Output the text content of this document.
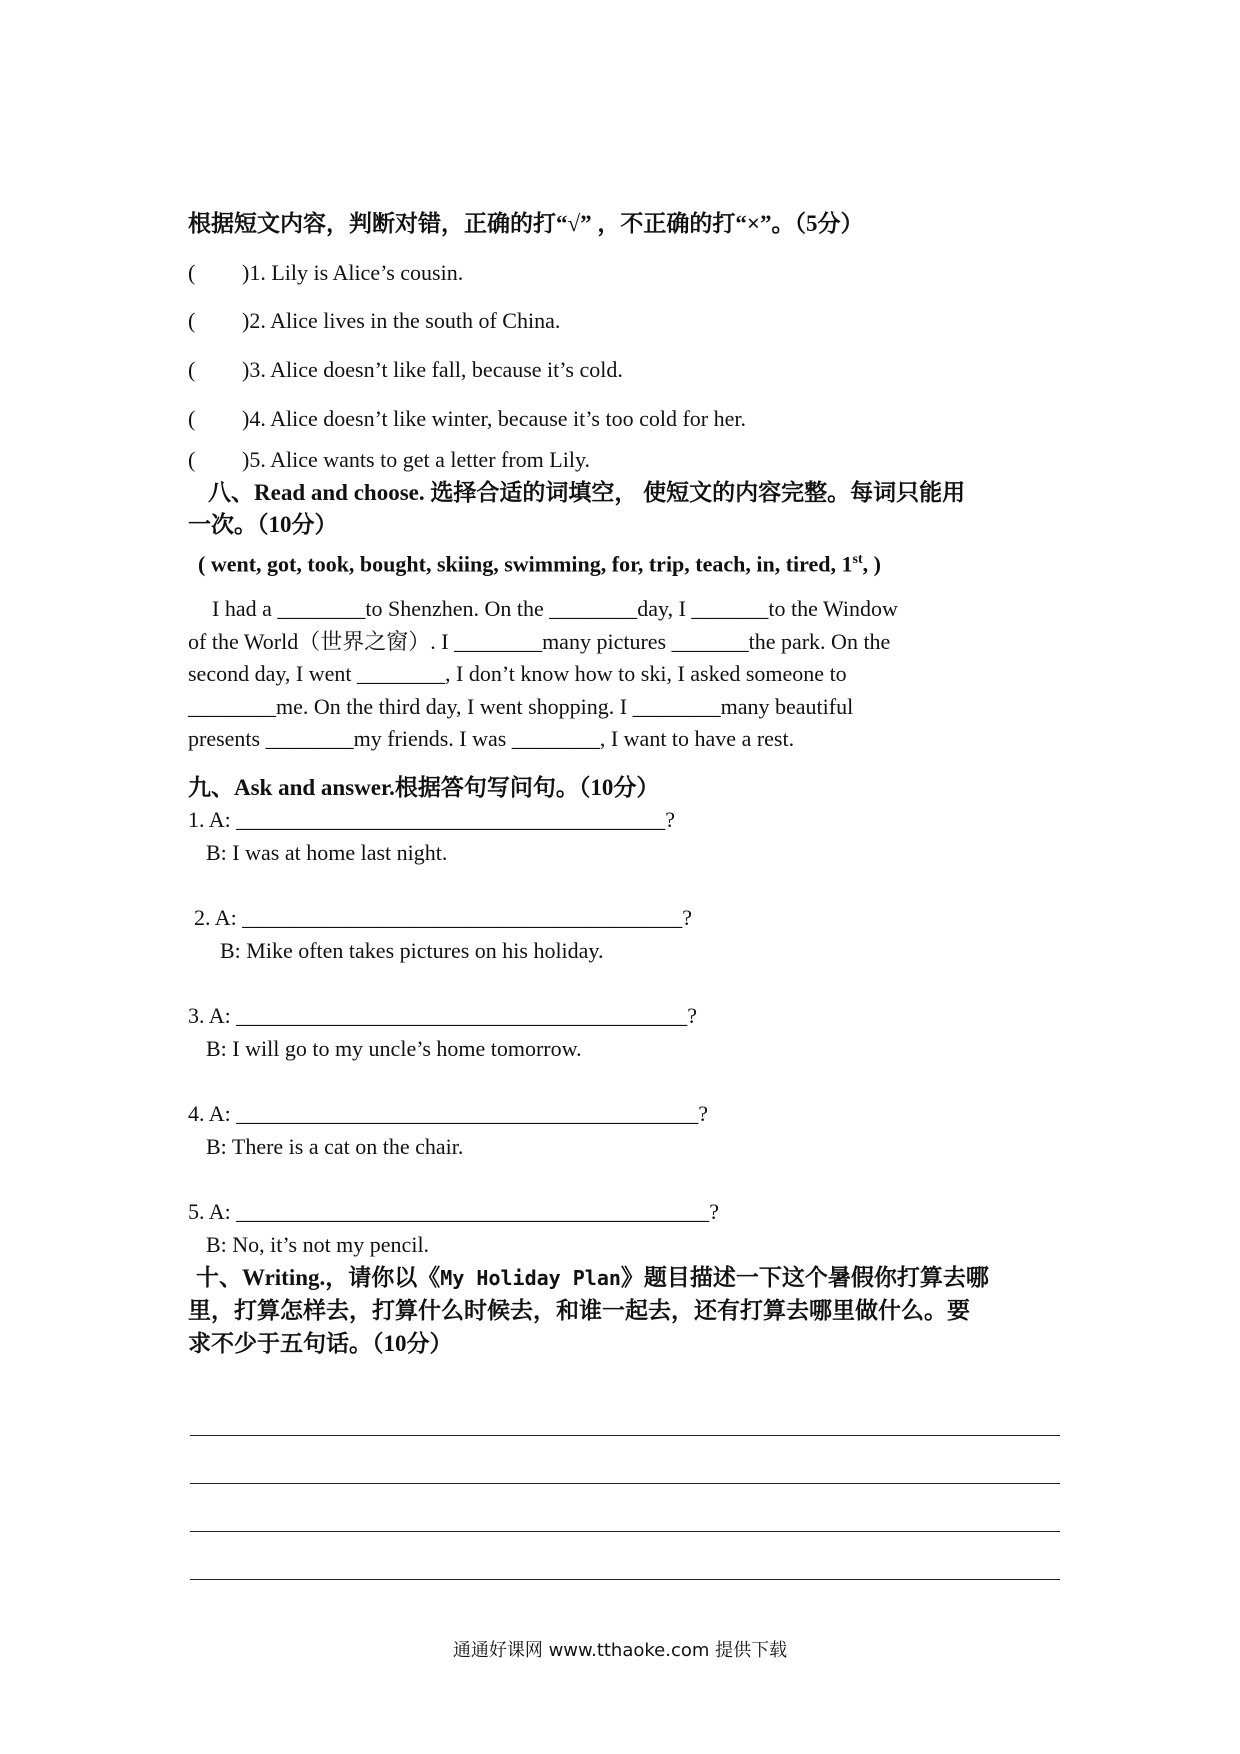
根据短文内容，判断对错，正确的打“√” ，不正确的打“×”。（5分）
( )1. Lily is Alice’s cousin.
( )2. Alice lives in the south of China.
( )3. Alice doesn’t like fall, because it’s cold.
( )4. Alice doesn’t like winter, because it’s too cold for her.
( )5. Alice wants to get a letter from Lily.
八、Read and choose. 选择合适的词填空， 使短文的内容完整。每词只能用
一次。（10分）
( went, got, took, bought, skiing, swimming, for, trip, teach, in, tired, 1st, )
I had a ________to Shenzhen. On the ________day, I _______to the Window
of the World（世界之窗）. I ________many pictures _______the park. On the
second day, I went ________, I don’t know how to ski, I asked someone to
________me. On the third day, I went shopping. I ________many beautiful
presents ________my friends. I was ________, I want to have a rest.
九、Ask and answer.根据答句写问句。（10分）
1. A: _______________________________________?
B: I was at home last night.
2. A: ________________________________________?
B: Mike often takes pictures on his holiday.
3. A: _________________________________________?
B: I will go to my uncle’s home tomorrow.
4. A: __________________________________________?
B: There is a cat on the chair.
5. A: ___________________________________________?
B: No, it’s not my pencil.
十、Writing.，请你以《My Holiday Plan》题目描述一下这个暑假你打算去哪
里，打算怎样去，打算什么时候去，和谁一起去，还有打算去哪里做什么。要
求不少于五句话。（10分）
通通好课网 www.tthaoke.com 提供下载
